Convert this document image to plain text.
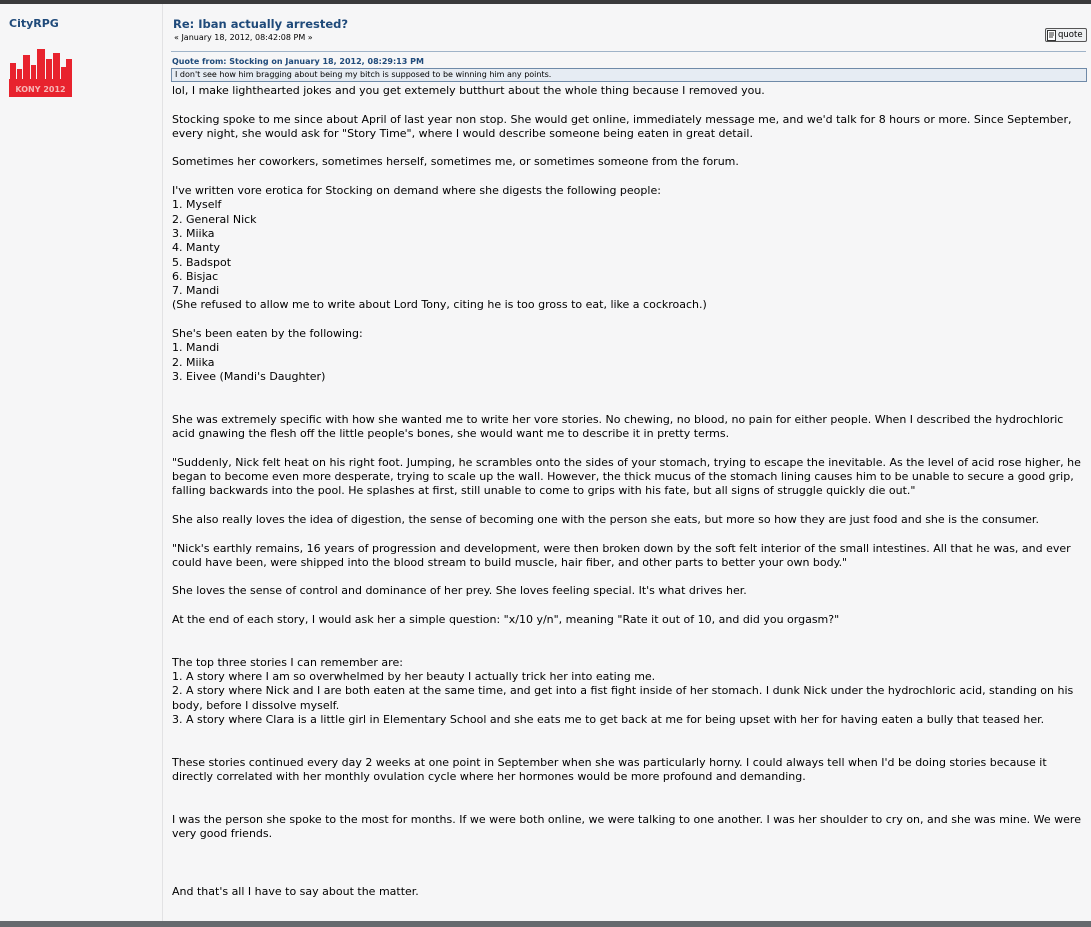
CityRPG
KONY 2012
Re: Iban actually arrested?
« January 18, 2012, 08:42:08 PM »	quote
Quote from: Stocking on January 18, 2012, 08:29:13 PM
I don't see how him bragging about being my bitch is supposed to be winning him any points.

lol, I make lighthearted jokes and you get extemely butthurt about the whole thing because I removed you.

Stocking spoke to me since about April of last year non stop. She would get online, immediately message me, and we'd talk for 8 hours or more. Since September, every night, she would ask for "Story Time", where I would describe someone being eaten in great detail.

Sometimes her coworkers, sometimes herself, sometimes me, or sometimes someone from the forum.

I've written vore erotica for Stocking on demand where she digests the following people:

1. Myself

2. General Nick

3. Miika

4. Manty

5. Badspot

6. Bisjac

7. Mandi

(She refused to allow me to write about Lord Tony, citing he is too gross to eat, like a cockroach.)

She's been eaten by the following:

1. Mandi

2. Miika

3. Eivee (Mandi's Daughter)

She was extremely specific with how she wanted me to write her vore stories. No chewing, no blood, no pain for either people. When I described the hydrochloric acid gnawing the flesh off the little people's bones, she would want me to describe it in pretty terms.

"Suddenly, Nick felt heat on his right foot. Jumping, he scrambles onto the sides of your stomach, trying to escape the inevitable. As the level of acid rose higher, he began to become even more desperate, trying to scale up the wall. However, the thick mucus of the stomach lining causes him to be unable to secure a good grip, falling backwards into the pool. He splashes at first, still unable to come to grips with his fate, but all signs of struggle quickly die out."

She also really loves the idea of digestion, the sense of becoming one with the person she eats, but more so how they are just food and she is the consumer.

"Nick's earthly remains, 16 years of progression and development, were then broken down by the soft felt interior of the small intestines. All that he was, and ever could have been, were shipped into the blood stream to build muscle, hair fiber, and other parts to better your own body."

She loves the sense of control and dominance of her prey. She loves feeling special. It's what drives her.

At the end of each story, I would ask her a simple question: "x/10 y/n", meaning "Rate it out of 10, and did you orgasm?"

The top three stories I can remember are:

1. A story where I am so overwhelmed by her beauty I actually trick her into eating me.

2. A story where Nick and I are both eaten at the same time, and get into a fist fight inside of her stomach. I dunk Nick under the hydrochloric acid, standing on his body, before I dissolve myself.

3. A story where Clara is a little girl in Elementary School and she eats me to get back at me for being upset with her for having eaten a bully that teased her.

These stories continued every day 2 weeks at one point in September when she was particularly horny. I could always tell when I'd be doing stories because it directly correlated with her monthly ovulation cycle where her hormones would be more profound and demanding.

I was the person she spoke to the most for months. If we were both online, we were talking to one another. I was her shoulder to cry on, and she was mine. We were very good friends.

And that's all I have to say about the matter.
